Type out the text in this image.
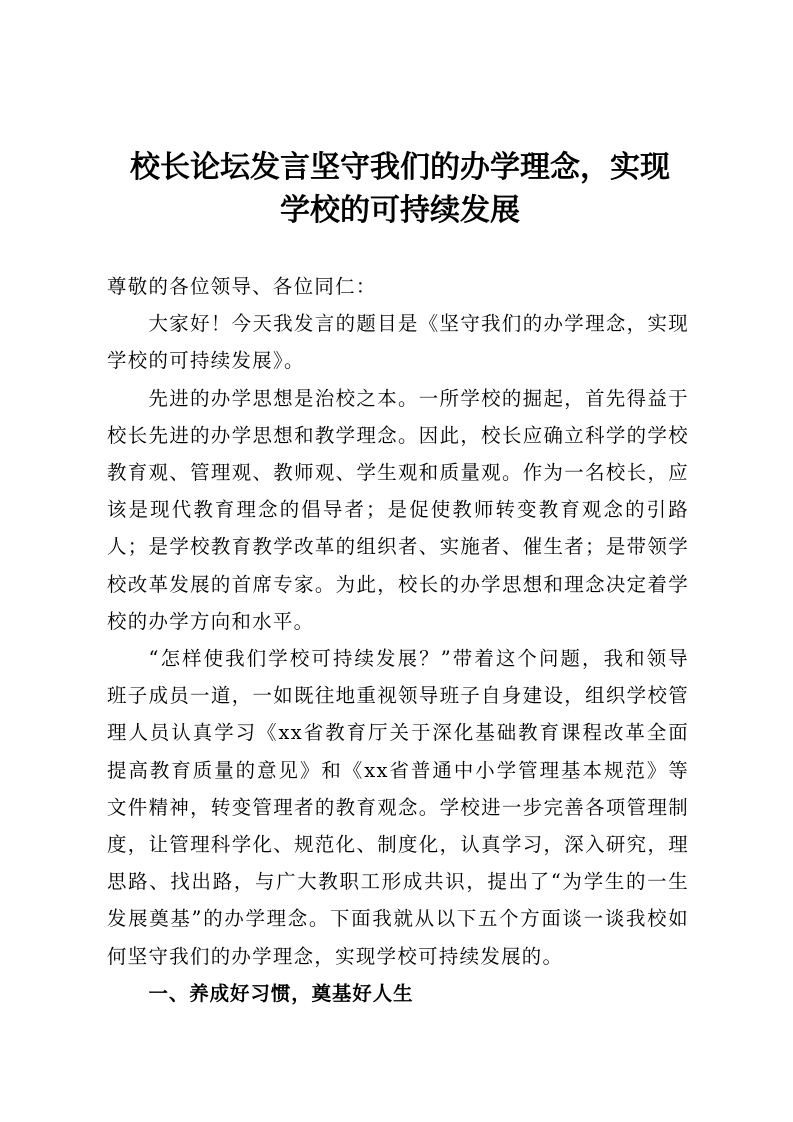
校长论坛发言坚守我们的办学理念，实现
学校的可持续发展

尊敬的各位领导、各位同仁：

大家好！今天我发言的题目是《坚守我们的办学理念，实现学校的可持续发展》。

先进的办学思想是治校之本。一所学校的掘起，首先得益于校长先进的办学思想和教学理念。因此，校长应确立科学的学校教育观、管理观、教师观、学生观和质量观。作为一名校长，应该是现代教育理念的倡导者；是促使教师转变教育观念的引路人；是学校教育教学改革的组织者、实施者、催生者；是带领学校改革发展的首席专家。为此，校长的办学思想和理念决定着学校的办学方向和水平。

“怎样使我们学校可持续发展？”带着这个问题，我和领导班子成员一道，一如既往地重视领导班子自身建设，组织学校管理人员认真学习《xx省教育厅关于深化基础教育课程改革全面提高教育质量的意见》和《xx省普通中小学管理基本规范》等文件精神，转变管理者的教育观念。学校进一步完善各项管理制度，让管理科学化、规范化、制度化，认真学习，深入研究，理思路、找出路，与广大教职工形成共识，提出了“为学生的一生发展奠基”的办学理念。下面我就从以下五个方面谈一谈我校如何坚守我们的办学理念，实现学校可持续发展的。

一、养成好习惯，奠基好人生
